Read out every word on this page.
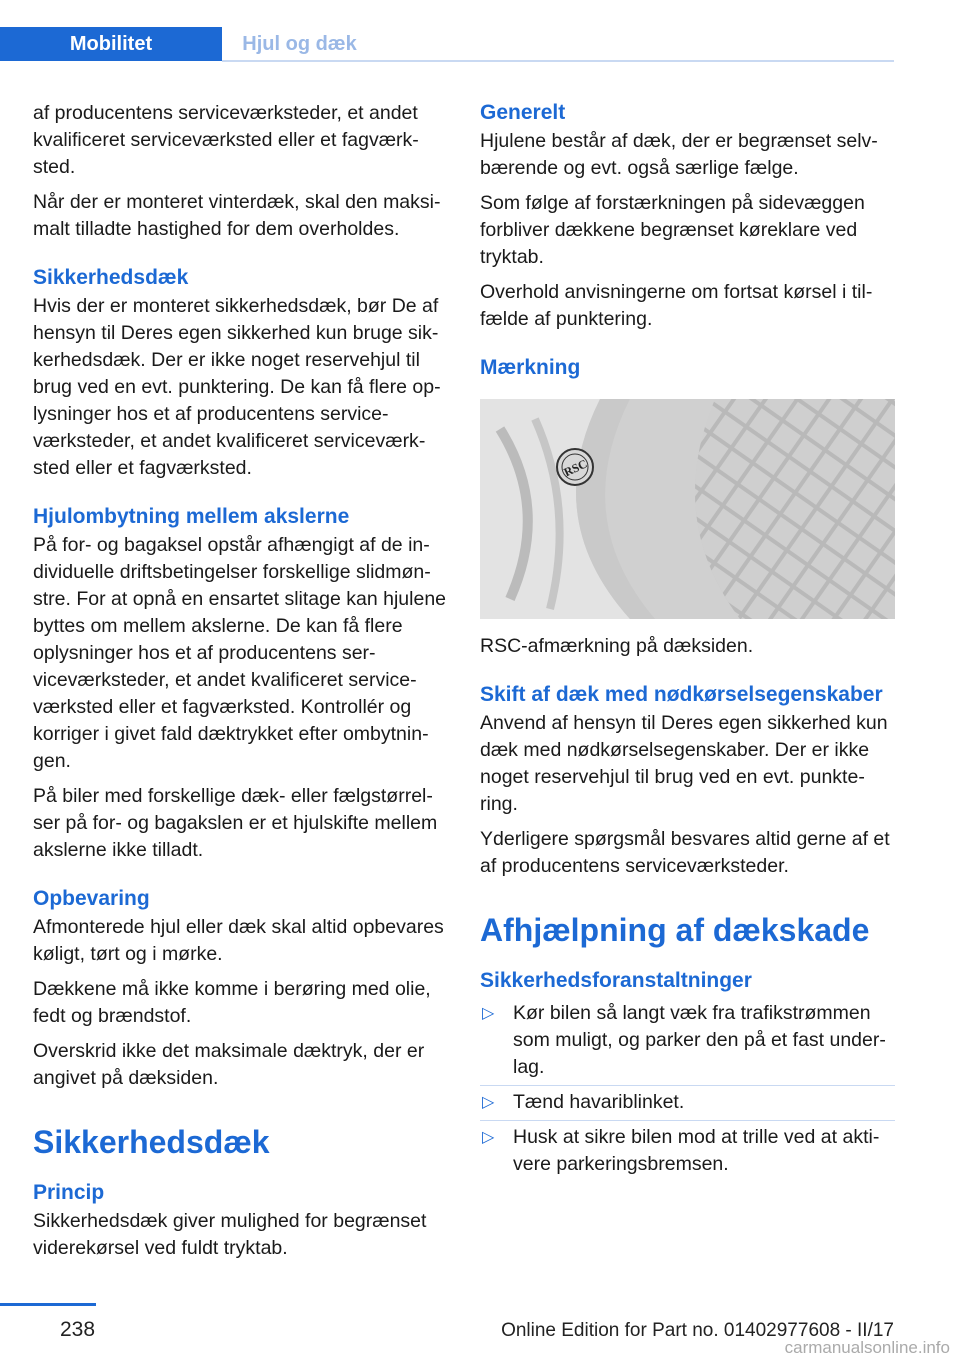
Mobilitet	Hjul og dæk

af producentens serviceværksteder, et andet kvalificeret serviceværksted eller et fagværksted.

Når der er monteret vinterdæk, skal den maksimalt tilladte hastighed for dem overholdes.

Sikkerhedsdæk

Hvis der er monteret sikkerhedsdæk, bør De af hensyn til Deres egen sikkerhed kun bruge sikkerhedsdæk. Der er ikke noget reservehjul til brug ved en evt. punktering. De kan få flere oplysninger hos et af producentens serviceværksteder, et andet kvalificeret serviceværksted eller et fagværksted.

Hjulombytning mellem akslerne

På for- og bagaksel opstår afhængigt af de individuelle driftsbetingelser forskellige slidmønstre. For at opnå en ensartet slitage kan hjulene byttes om mellem akslerne. De kan få flere oplysninger hos et af producentens serviceværksteder, et andet kvalificeret serviceværksted eller et fagværksted. Kontrollér og korriger i givet fald dæktrykket efter ombytningen.

På biler med forskellige dæk- eller fælgstørrelser på for- og bagakslen er et hjulskifte mellem akslerne ikke tilladt.

Opbevaring

Afmonterede hjul eller dæk skal altid opbevares køligt, tørt og i mørke.

Dækkene må ikke komme i berøring med olie, fedt og brændstof.

Overskrid ikke det maksimale dæktryk, der er angivet på dæksiden.

Sikkerhedsdæk
Princip

Sikkerhedsdæk giver mulighed for begrænset viderekørsel ved fuldt tryktab.

Generelt

Hjulene består af dæk, der er begrænset selvbærende og evt. også særlige fælge.

Som følge af forstærkningen på sidevæggen forbliver dækkene begrænset køreklare ved tryktab.

Overhold anvisningerne om fortsat kørsel i tilfælde af punktering.

Mærkning
RSC

RSC-afmærkning på dæksiden.

Skift af dæk med nødkørselsegenskaber

Anvend af hensyn til Deres egen sikkerhed kun dæk med nødkørselsegenskaber. Der er ikke noget reservehjul til brug ved en evt. punktering.

Yderligere spørgsmål besvares altid gerne af et af producentens serviceværksteder.

Afhjælpning af dækskade
Sikkerhedsforanstaltninger
▷ Kør bilen så langt væk fra trafikstrømmen som muligt, og parker den på et fast underlag.
▷ Tænd havariblinket.
▷ Husk at sikre bilen mod at trille ved at aktivere parkeringsbremsen.
238	Online Edition for Part no. 01402977608 - II/17
carmanualsonline.info
